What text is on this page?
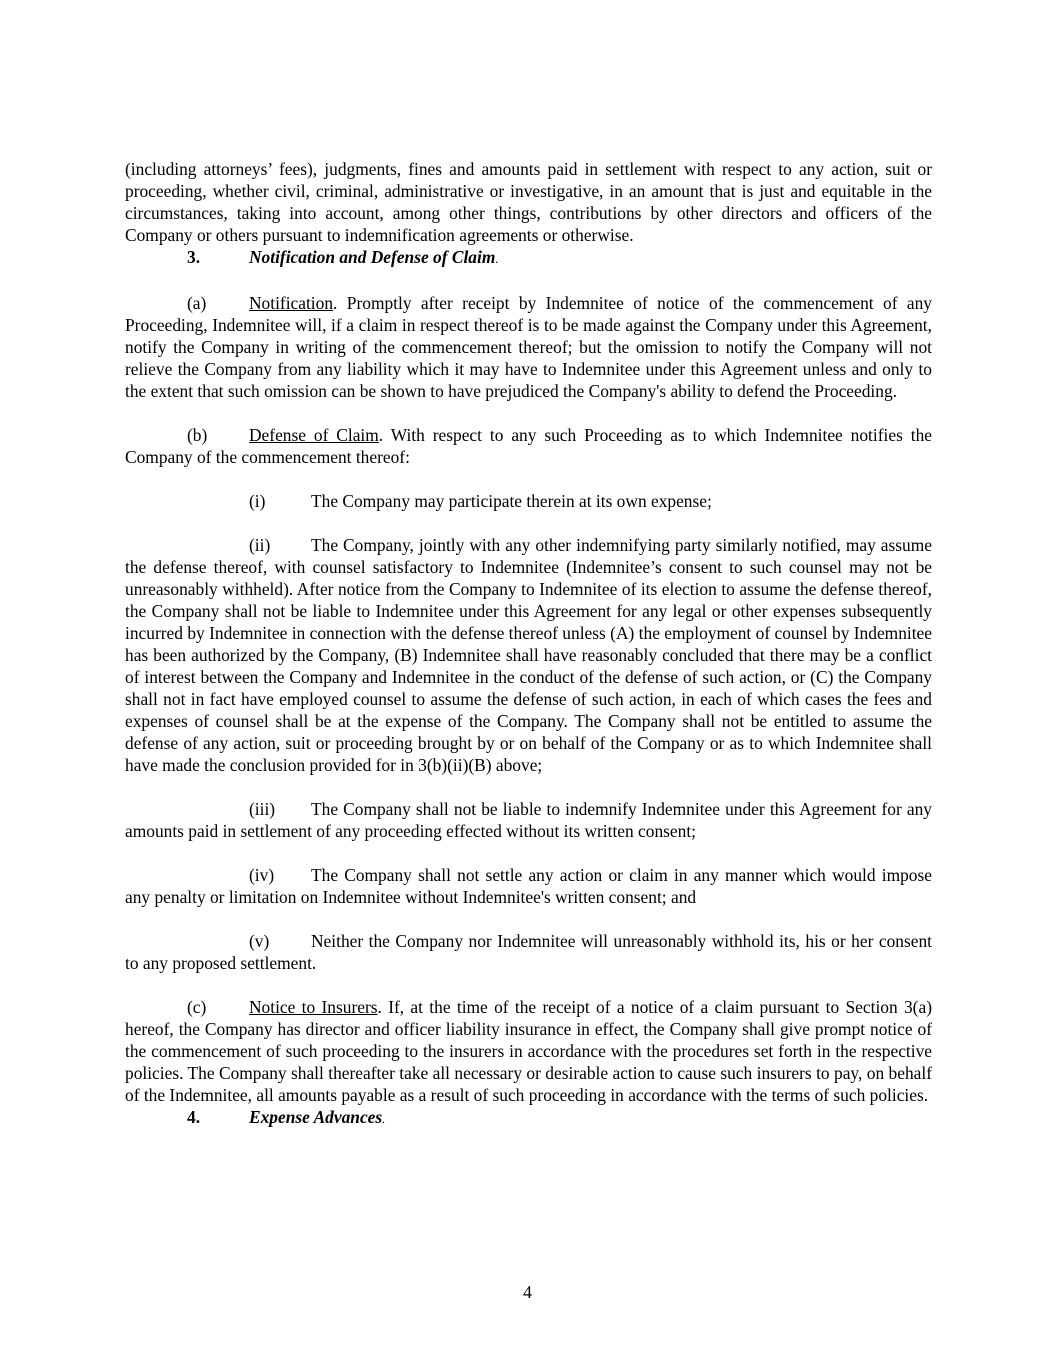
(including attorneys’ fees), judgments, fines and amounts paid in settlement with respect to any action, suit or proceeding, whether civil, criminal, administrative or investigative, in an amount that is just and equitable in the circumstances, taking into account, among other things, contributions by other directors and officers of the Company or others pursuant to indemnification agreements or otherwise.

3.	Notification and Defense of Claim.

(a) Notification. Promptly after receipt by Indemnitee of notice of the commencement of any Proceeding, Indemnitee will, if a claim in respect thereof is to be made against the Company under this Agreement, notify the Company in writing of the commencement thereof; but the omission to notify the Company will not relieve the Company from any liability which it may have to Indemnitee under this Agreement unless and only to the extent that such omission can be shown to have prejudiced the Company's ability to defend the Proceeding.

(b) Defense of Claim. With respect to any such Proceeding as to which Indemnitee notifies the Company of the commencement thereof:

(i)	The Company may participate therein at its own expense;

(ii) The Company, jointly with any other indemnifying party similarly notified, may assume the defense thereof, with counsel satisfactory to Indemnitee (Indemnitee’s consent to such counsel may not be unreasonably withheld). After notice from the Company to Indemnitee of its election to assume the defense thereof, the Company shall not be liable to Indemnitee under this Agreement for any legal or other expenses subsequently incurred by Indemnitee in connection with the defense thereof unless (A) the employment of counsel by Indemnitee has been authorized by the Company, (B) Indemnitee shall have reasonably concluded that there may be a conflict of interest between the Company and Indemnitee in the conduct of the defense of such action, or (C) the Company shall not in fact have employed counsel to assume the defense of such action, in each of which cases the fees and expenses of counsel shall be at the expense of the Company. The Company shall not be entitled to assume the defense of any action, suit or proceeding brought by or on behalf of the Company or as to which Indemnitee shall have made the conclusion provided for in 3(b)(ii)(B) above;

(iii) The Company shall not be liable to indemnify Indemnitee under this Agreement for any amounts paid in settlement of any proceeding effected without its written consent;

(iv) The Company shall not settle any action or claim in any manner which would impose any penalty or limitation on Indemnitee without Indemnitee's written consent; and

(v) Neither the Company nor Indemnitee will unreasonably withhold its, his or her consent to any proposed settlement.

(c) Notice to Insurers. If, at the time of the receipt of a notice of a claim pursuant to Section 3(a) hereof, the Company has director and officer liability insurance in effect, the Company shall give prompt notice of the commencement of such proceeding to the insurers in accordance with the procedures set forth in the respective policies. The Company shall thereafter take all necessary or desirable action to cause such insurers to pay, on behalf of the Indemnitee, all amounts payable as a result of such proceeding in accordance with the terms of such policies.

4.	Expense Advances.

4
